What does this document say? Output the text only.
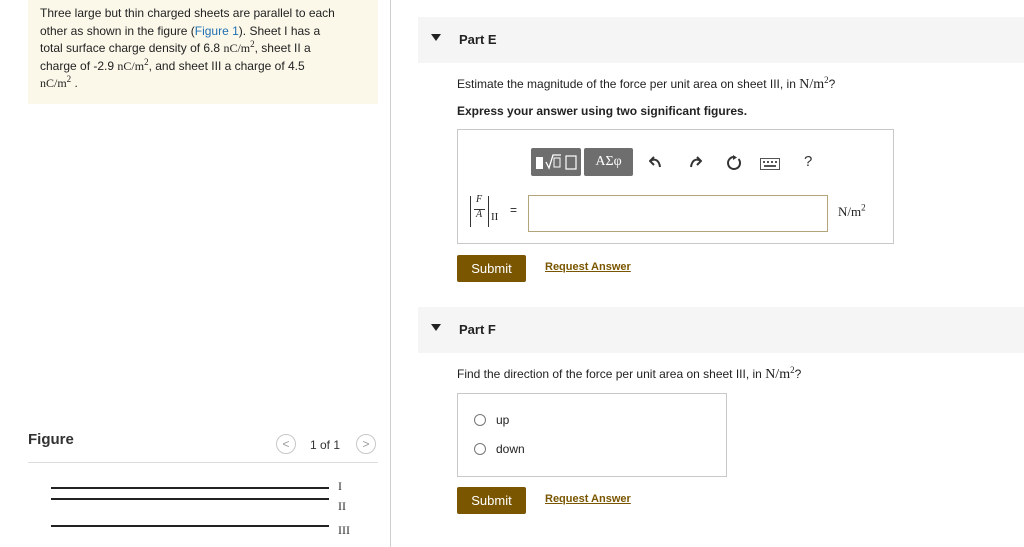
Three large but thin charged sheets are parallel to each
other as shown in the figure (Figure 1). Sheet I has a
total surface charge density of 6.8 $nC/m^2$, sheet II a
charge of -2.9 $nC/m^2$, and sheet III a charge of 4.5
$nC/m^2$ .
Figure	<	1 of 1	>
I
II
III
Part E
Estimate the magnitude of the force per unit area on sheet III, in $N/m^2$?
Express your answer using two significant figures.
ΑΣφ	?
F
A II =	$N/m^2$
Submit	Request Answer
Part F
Find the direction of the force per unit area on sheet III, in $N/m^2$?
up
down
Submit	Request Answer
